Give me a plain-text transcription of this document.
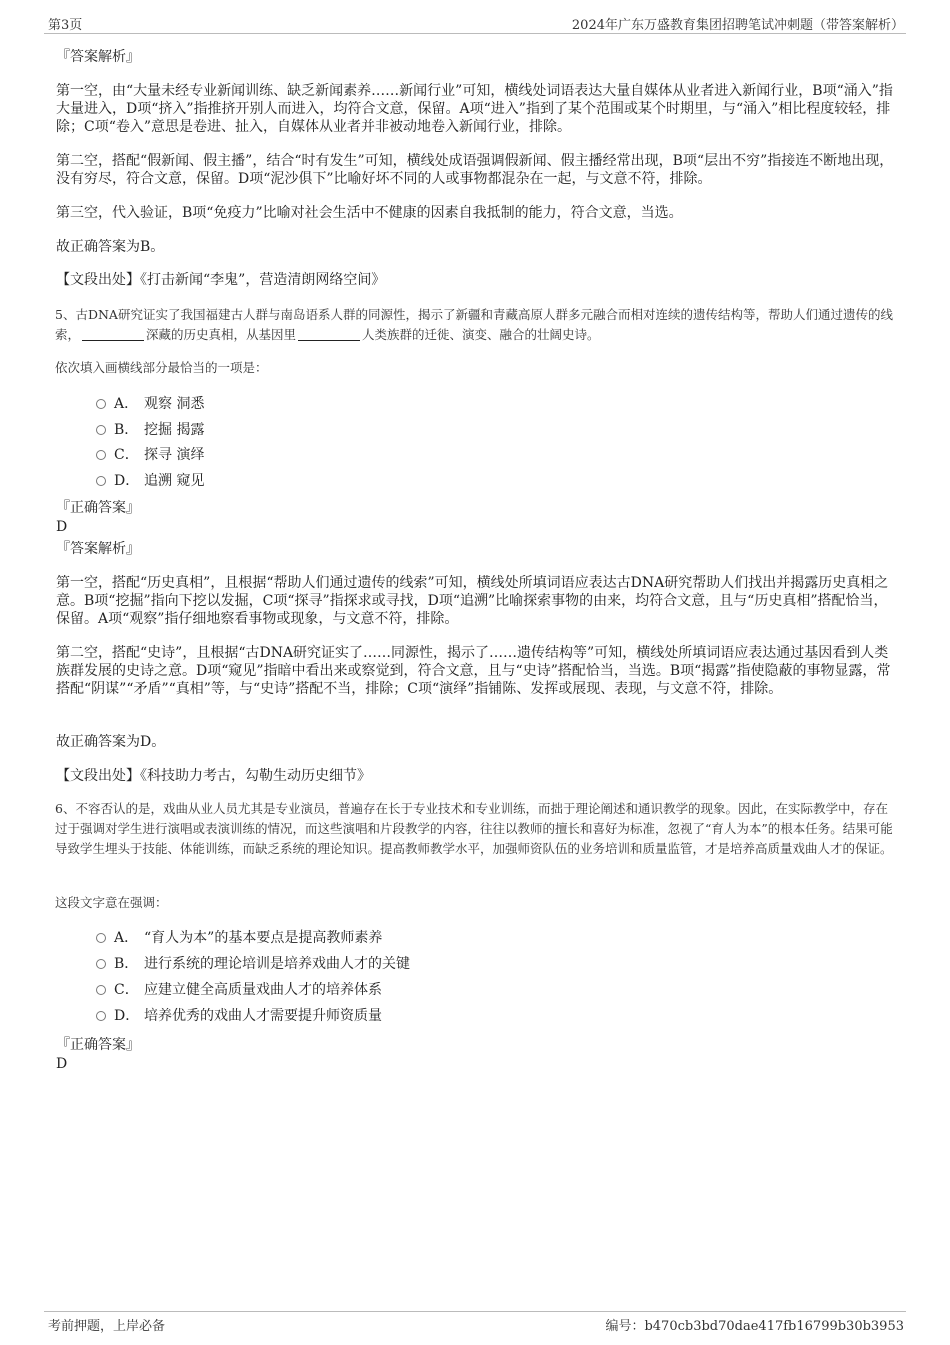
第3页	2024年广东万盛教育集团招聘笔试冲刺题（带答案解析）
『答案解析』
第一空，由“大量未经专业新闻训练、缺乏新闻素养……新闻行业”可知，横线处词语表达大量自媒体从业者进入新闻行业，B项“涌入”指大量进入，D项“挤入”指推挤开别人而进入，均符合文意，保留。A项“进入”指到了某个范围或某个时期里，与“涌入”相比程度较轻，排除；C项“卷入”意思是卷进、扯入，自媒体从业者并非被动地卷入新闻行业，排除。
第二空，搭配“假新闻、假主播”，结合“时有发生”可知，横线处成语强调假新闻、假主播经常出现，B项“层出不穷”指接连不断地出现，没有穷尽，符合文意，保留。D项“泥沙俱下”比喻好坏不同的人或事物都混杂在一起，与文意不符，排除。
第三空，代入验证，B项“免疫力”比喻对社会生活中不健康的因素自我抵制的能力，符合文意，当选。
故正确答案为B。
【文段出处】《打击新闻“李鬼”，营造清朗网络空间》
5、古DNA研究证实了我国福建古人群与南岛语系人群的同源性，揭示了新疆和青藏高原人群多元融合而相对连续的遗传结构等，帮助人们通过遗传的线索，	深藏的历史真相，从基因里	人类族群的迁徙、演变、融合的壮阔史诗。
依次填入画横线部分最恰当的一项是：
A． 观察 洞悉
B． 挖掘 揭露
C． 探寻 演绎
D． 追溯 窥见
『正确答案』
D
『答案解析』
第一空，搭配“历史真相”，且根据“帮助人们通过遗传的线索”可知，横线处所填词语应表达古DNA研究帮助人们找出并揭露历史真相之意。B项“挖掘”指向下挖以发掘，C项“探寻”指探求或寻找，D项“追溯”比喻探索事物的由来，均符合文意，且与“历史真相”搭配恰当，保留。A项“观察”指仔细地察看事物或现象，与文意不符，排除。
第二空，搭配“史诗”，且根据“古DNA研究证实了……同源性，揭示了……遗传结构等”可知，横线处所填词语应表达通过基因看到人类族群发展的史诗之意。D项“窥见”指暗中看出来或察觉到，符合文意，且与“史诗”搭配恰当，当选。B项“揭露”指使隐蔽的事物显露，常搭配“阴谋”“矛盾”“真相”等，与“史诗”搭配不当，排除；C项“演绎”指铺陈、发挥或展现、表现，与文意不符，排除。
故正确答案为D。
【文段出处】《科技助力考古，勾勒生动历史细节》
6、不容否认的是，戏曲从业人员尤其是专业演员，普遍存在长于专业技术和专业训练，而拙于理论阐述和通识教学的现象。因此，在实际教学中，存在过于强调对学生进行演唱或表演训练的情况，而这些演唱和片段教学的内容，往往以教师的擅长和喜好为标准，忽视了“育人为本”的根本任务。结果可能导致学生埋头于技能、体能训练，而缺乏系统的理论知识。提高教师教学水平，加强师资队伍的业务培训和质量监管，才是培养高质量戏曲人才的保证。
这段文字意在强调：
A． “育人为本”的基本要点是提高教师素养
B． 进行系统的理论培训是培养戏曲人才的关键
C． 应建立健全高质量戏曲人才的培养体系
D． 培养优秀的戏曲人才需要提升师资质量
『正确答案』
D
考前押题，上岸必备	编号：b470cb3bd70dae417fb16799b30b3953
